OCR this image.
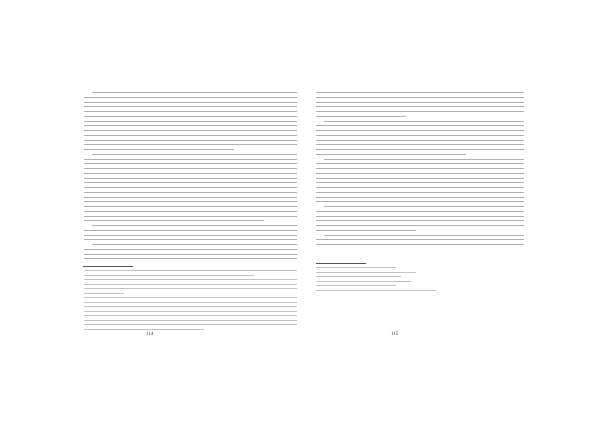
114	115
